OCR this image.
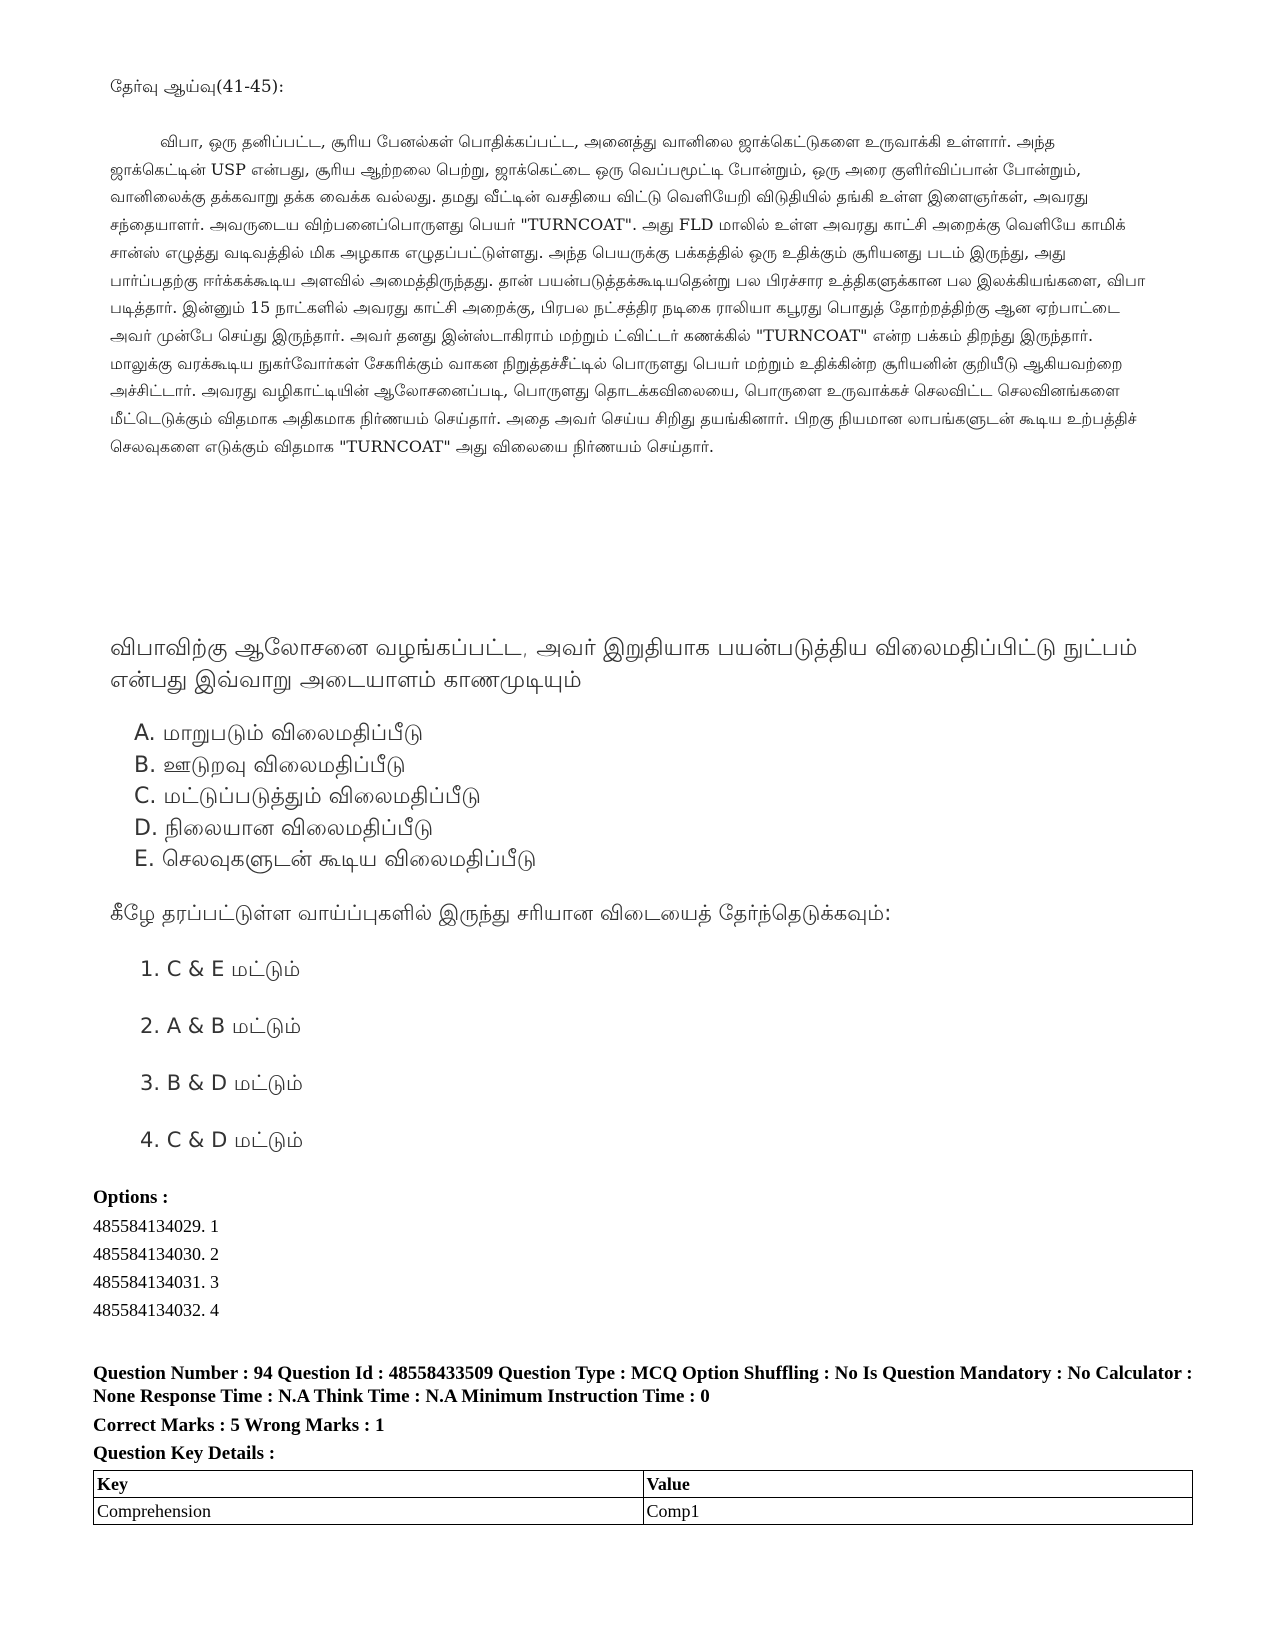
தேர்வு ஆய்வு(41-45):

விபா, ஒரு தனிப்பட்ட, சூரிய பேனல்கள் பொதிக்கப்பட்ட, அனைத்து வானிலை ஜாக்கெட்டுகளை உருவாக்கி உள்ளார். அந்த ஜாக்கெட்டின் USP என்பது, சூரிய ஆற்றலை பெற்று, ஜாக்கெட்டை ஒரு வெப்பமூட்டி போன்றும், ஒரு அரை குளிர்விப்பான் போன்றும், வானிலைக்கு தக்கவாறு தக்க வைக்க வல்லது. தமது வீட்டின் வசதியை விட்டு வெளியேறி விடுதியில் தங்கி உள்ள இளைஞர்கள், அவரது சந்தையாளர். அவருடைய விற்பனைப்பொருளது பெயர் "TURNCOAT". அது FLD மாலில் உள்ள அவரது காட்சி அறைக்கு வெளியே காமிக் சான்ஸ் எழுத்து வடிவத்தில் மிக அழகாக எழுதப்பட்டுள்ளது. அந்த பெயருக்கு பக்கத்தில் ஒரு உதிக்கும் சூரியனது படம் இருந்து, அது பார்ப்பதற்கு ஈர்க்கக்கூடிய அளவில் அமைத்திருந்தது. தான் பயன்படுத்தக்கூடியதென்று பல பிரச்சார உத்திகளுக்கான பல இலக்கியங்களை, விபா படித்தார். இன்னும் 15 நாட்களில் அவரது காட்சி அறைக்கு, பிரபல நட்சத்திர நடிகை ராலியா கபூரது பொதுத் தோற்றத்திற்கு ஆன ஏற்பாட்டை அவர் முன்பே செய்து இருந்தார். அவர் தனது இன்ஸ்டாகிராம் மற்றும் ட்விட்டர் கணக்கில் "TURNCOAT" என்ற பக்கம் திறந்து இருந்தார். மாலுக்கு வரக்கூடிய நுகர்வோர்கள் சேகரிக்கும் வாகன நிறுத்தச்சீட்டில் பொருளது பெயர் மற்றும் உதிக்கின்ற சூரியனின் குறியீடு ஆகியவற்றை அச்சிட்டார். அவரது வழிகாட்டியின் ஆலோசனைப்படி, பொருளது தொடக்கவிலையை, பொருளை உருவாக்கச் செலவிட்ட செலவினங்களை மீட்டெடுக்கும் விதமாக அதிகமாக நிர்ணயம் செய்தார். அதை அவர் செய்ய சிறிது தயங்கினார். பிறகு நியமான லாபங்களுடன் கூடிய உற்பத்திச் செலவுகளை எடுக்கும் விதமாக "TURNCOAT" அது விலையை நிர்ணயம் செய்தார்.

விபாவிற்கு ஆலோசனை வழங்கப்பட்ட, அவர் இறுதியாக பயன்படுத்திய விலைமதிப்பிட்டு நுட்பம் என்பது இவ்வாறு அடையாளம் காணமுடியும்

A. மாறுபடும் விலைமதிப்பீடு
B. ஊடுறவு விலைமதிப்பீடு
C. மட்டுப்படுத்தும் விலைமதிப்பீடு
D. நிலையான விலைமதிப்பீடு
E. செலவுகளுடன் கூடிய விலைமதிப்பீடு

கீழே தரப்பட்டுள்ள வாய்ப்புகளில் இருந்து சரியான விடையைத் தேர்ந்தெடுக்கவும்:

1. C & E மட்டும்
2. A & B மட்டும்
3. B & D மட்டும்
4. C & D மட்டும்

Options :

485584134029. 1
485584134030. 2
485584134031. 3
485584134032. 4

Question Number : 94 Question Id : 48558433509 Question Type : MCQ Option Shuffling : No Is Question Mandatory : No Calculator : None Response Time : N.A Think Time : N.A Minimum Instruction Time : 0

Correct Marks : 5 Wrong Marks : 1

Question Key Details :

Key	Value
Comprehension	Comp1
